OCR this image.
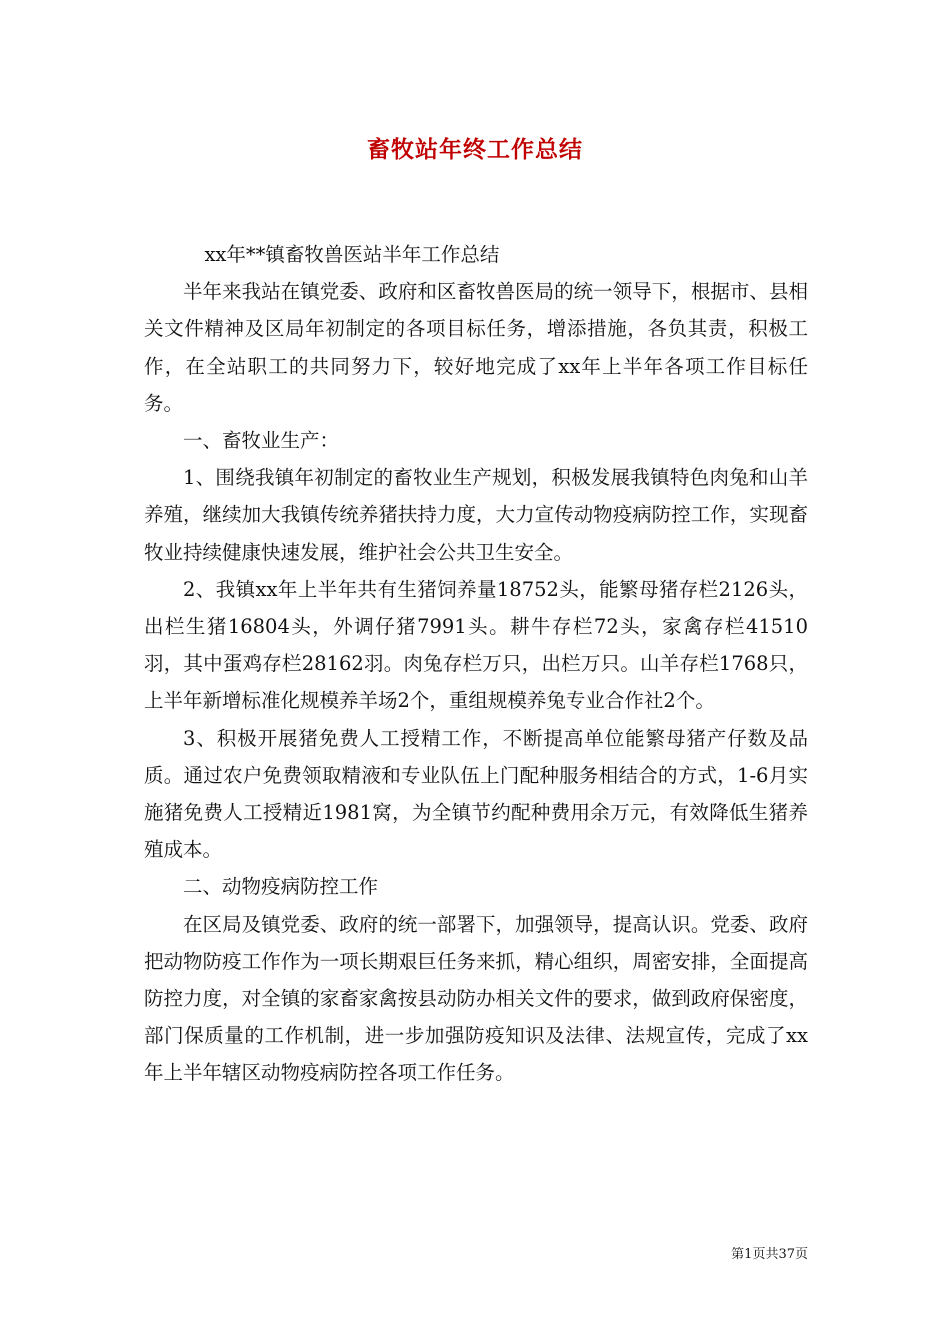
畜牧站年终工作总结

xx年**镇畜牧兽医站半年工作总结

半年来我站在镇党委、政府和区畜牧兽医局的统一领导下，根据市、县相关文件精神及区局年初制定的各项目标任务，增添措施，各负其责，积极工作，在全站职工的共同努力下，较好地完成了xx年上半年各项工作目标任务。

一、畜牧业生产：

1、围绕我镇年初制定的畜牧业生产规划，积极发展我镇特色肉兔和山羊养殖，继续加大我镇传统养猪扶持力度，大力宣传动物疫病防控工作，实现畜牧业持续健康快速发展，维护社会公共卫生安全。

2、我镇xx年上半年共有生猪饲养量18752头，能繁母猪存栏2126头，出栏生猪16804头，外调仔猪7991头。耕牛存栏72头，家禽存栏41510羽，其中蛋鸡存栏28162羽。肉兔存栏万只，出栏万只。山羊存栏1768只，上半年新增标准化规模养羊场2个，重组规模养兔专业合作社2个。

3、积极开展猪免费人工授精工作，不断提高单位能繁母猪产仔数及品质。通过农户免费领取精液和专业队伍上门配种服务相结合的方式，1-6月实施猪免费人工授精近1981窝，为全镇节约配种费用余万元，有效降低生猪养殖成本。

二、动物疫病防控工作

在区局及镇党委、政府的统一部署下，加强领导，提高认识。党委、政府把动物防疫工作作为一项长期艰巨任务来抓，精心组织，周密安排，全面提高防控力度，对全镇的家畜家禽按县动防办相关文件的要求，做到政府保密度，部门保质量的工作机制，进一步加强防疫知识及法律、法规宣传，完成了xx年上半年辖区动物疫病防控各项工作任务。

第1页共37页
